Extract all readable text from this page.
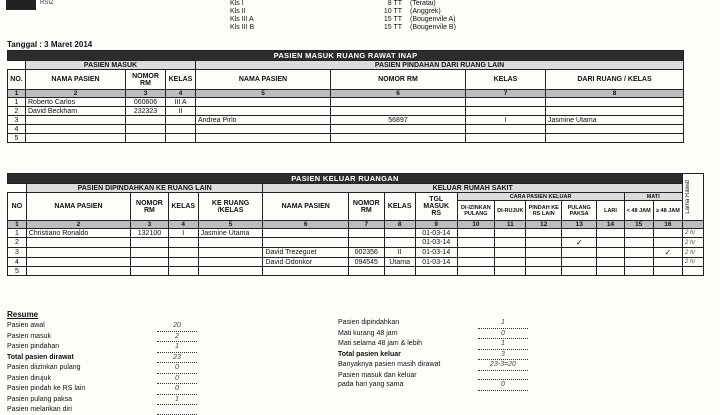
RSIZ	Kls I	8 TT	(Teratai)
Kls II	10 TT	(Anggrek)
Kls III A	15 TT	(Bougenvile A)
Kls III B	15 TT	(Bougenvile B)
Tanggal : 3 Maret 2014
PASIEN MASUK RUANG RAWAT INAP							
	PASIEN MASUK			PASIEN PINDAHAN DARI RUANG LAIN			
NO.	NAMA PASIEN	NOMOR RM	KELAS	NAMA PASIEN	NOMOR RM	KELAS	DARI RUANG / KELAS
1	2	3	4	5	6	7	8
1	Roberto Carlos	060606	III A				
2	David Beckham	232323	II				
3				Andrea Pirlo	56897	I	Jasmine Utama
4							
5							
PASIEN KELUAR RUANGAN																Lama Rawat

	PASIEN DIPINDAHKAN KE RUANG LAIN				KELUAR RUMAH SAKIT											
NO	NAMA PASIEN	NOMOR RM	KELAS	KE RUANG /KELAS	NAMA PASIEN	NOMOR RM	KELAS	TGL MASUK RS	CARA PASIEN KELUAR					MATI		
									DI-IZINKAN PULANG	DI-RUJUK	PINDAH KE RS LAIN	PULANG PAKSA	LARI	< 48 JAM	≥ 48 JAM	
1	2	3	4	5	6	7	8	9	10	11	12	13	14	15	16	
1	Christiano Ronaldo	132100	I	Jasmine Utama				01-03-14								2 hr
2								01-03-14				✓				2 hr
3					David Trezeguet	002356	II	01-03-14							✓	2 hr
4					David Odonkor	094545	Utama	01-03-14								2 hr
5																
Resume
Pasien awal	20
Pasien masuk	2
Pasien pindahan	1
Total pasien dirawat	23
Pasien diizinkan pulang	0
Pasien dirujuk	0
Pasien pindah ke RS lain	0
Pasien pulang paksa	1
Pasien melarikan diri
Pasien dipindahkan	1
Mati kurang 48 jam	0
Mati selama 48 jam & lebih	1
Total pasien keluar	3
Banyaknya pasien masih dirawat	23-3=20
Pasien masuk dan keluar
pada hari yang sama	0
